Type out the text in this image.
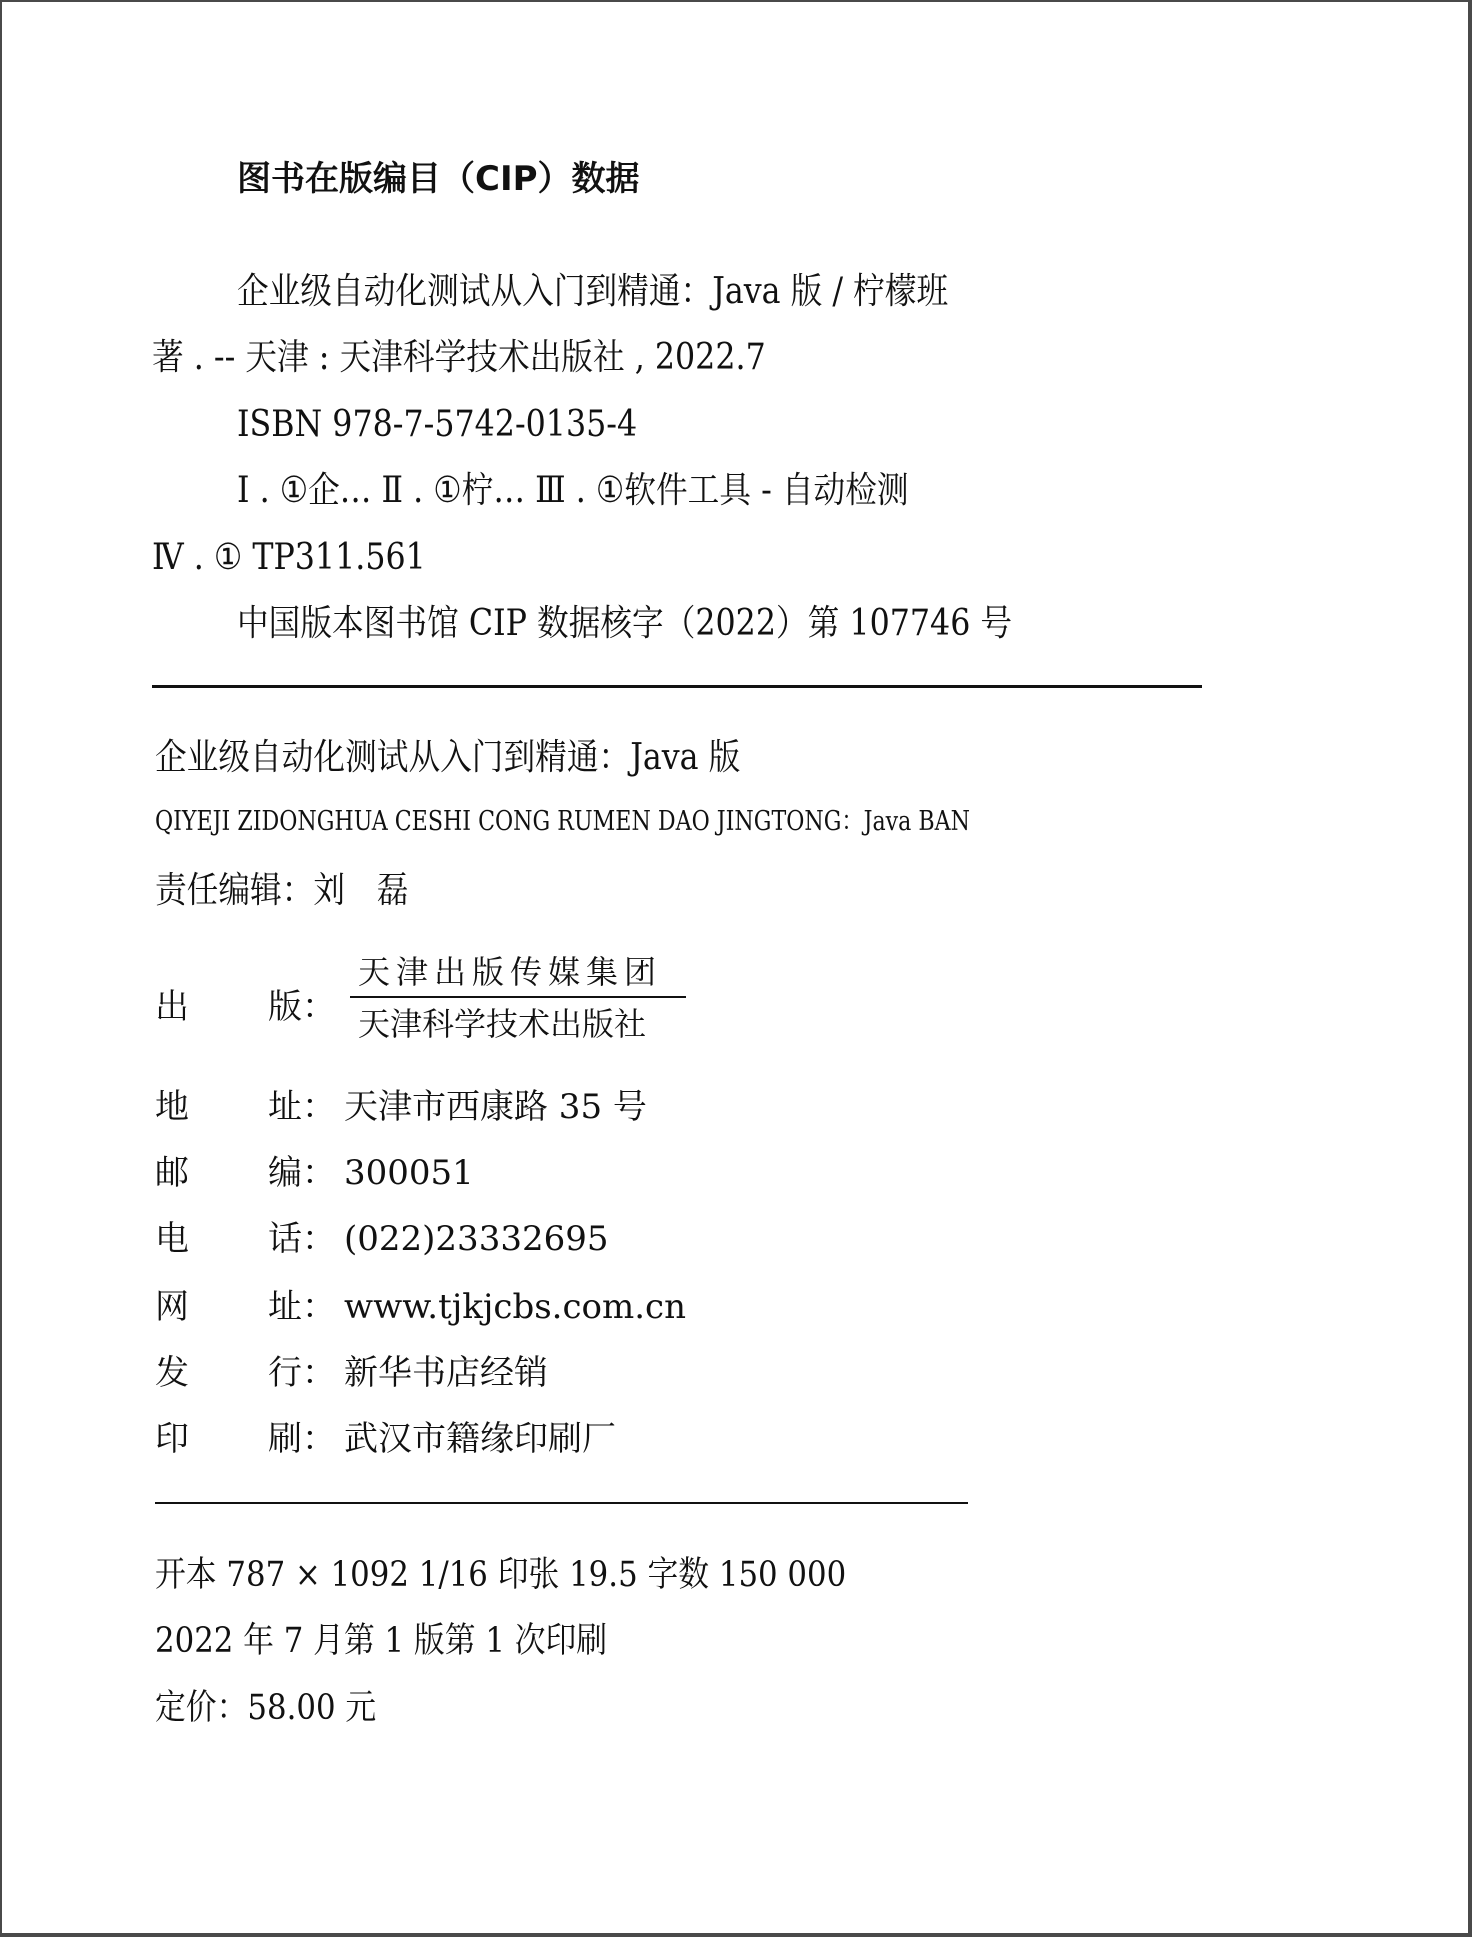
图书在版编目（CIP）数据
企业级自动化测试从入门到精通：Java 版 / 柠檬班
著 . -- 天津 : 天津科学技术出版社 , 2022.7
ISBN 978-7-5742-0135-4
Ⅰ . ①企… Ⅱ . ①柠… Ⅲ . ①软件工具 - 自动检测
Ⅳ . ① TP311.561
中国版本图书馆 CIP 数据核字（2022）第 107746 号
企业级自动化测试从入门到精通：Java 版
QIYEJI ZIDONGHUA CESHI CONG RUMEN DAO JINGTONG：Java BAN
责任编辑：刘　磊
出 版：
天津出版传媒集团
天津科学技术出版社
地 址： 天津市西康路 35 号
邮 编： 300051
电 话： (022)23332695
网 址： www.tjkjcbs.com.cn
发 行： 新华书店经销
印 刷： 武汉市籍缘印刷厂
开本 787 × 1092 1/16 印张 19.5 字数 150 000
2022 年 7 月第 1 版第 1 次印刷
定价：58.00 元
